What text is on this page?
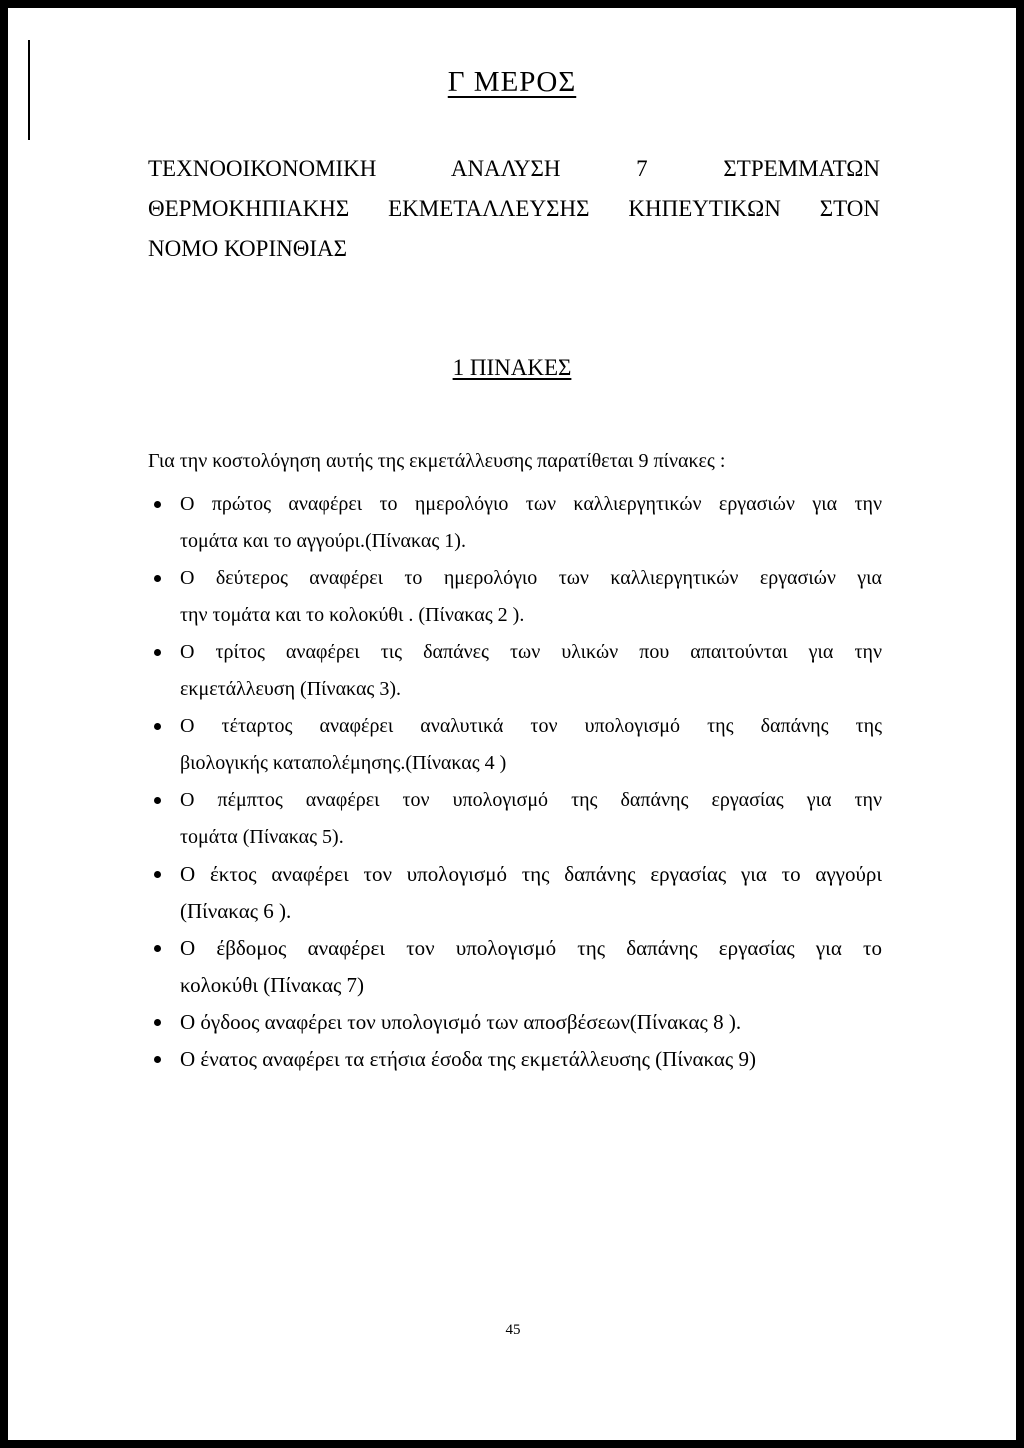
Γ ΜΕΡΟΣ
ΤΕΧΝΟΟΙΚΟΝΟΜΙΚΗ ΑΝΑΛΥΣΗ 7 ΣΤΡΕΜΜΑΤΩΝ
ΘΕΡΜΟΚΗΠΙΑΚΗΣ ΕΚΜΕΤΑΛΛΕΥΣΗΣ ΚΗΠΕΥΤΙΚΩΝ ΣΤΟΝ
ΝΟΜΟ ΚΟΡΙΝΘΙΑΣ
1 ΠΙΝΑΚΕΣ

Για την κοστολόγηση αυτής της εκμετάλλευσης παρατίθεται 9 πίνακες :

Ο πρώτος αναφέρει το ημερολόγιο των καλλιεργητικών εργασιών για την
τομάτα και το αγγούρι.(Πίνακας 1).
Ο δεύτερος αναφέρει το ημερολόγιο των καλλιεργητικών εργασιών για
την τομάτα και το κολοκύθι . (Πίνακας 2 ).
Ο τρίτος αναφέρει τις δαπάνες των υλικών που απαιτούνται για την
εκμετάλλευση (Πίνακας 3).
Ο τέταρτος αναφέρει αναλυτικά τον υπολογισμό της δαπάνης της
βιολογικής καταπολέμησης.(Πίνακας 4 )
Ο πέμπτος αναφέρει τον υπολογισμό της δαπάνης εργασίας για την
τομάτα (Πίνακας 5).
Ο έκτος αναφέρει τον υπολογισμό της δαπάνης εργασίας για το αγγούρι
(Πίνακας 6 ).
Ο έβδομος αναφέρει τον υπολογισμό της δαπάνης εργασίας για το
κολοκύθι (Πίνακας 7)
Ο όγδοος αναφέρει τον υπολογισμό των αποσβέσεων(Πίνακας 8 ).
Ο ένατος αναφέρει τα ετήσια έσοδα της εκμετάλλευσης (Πίνακας 9)

45
